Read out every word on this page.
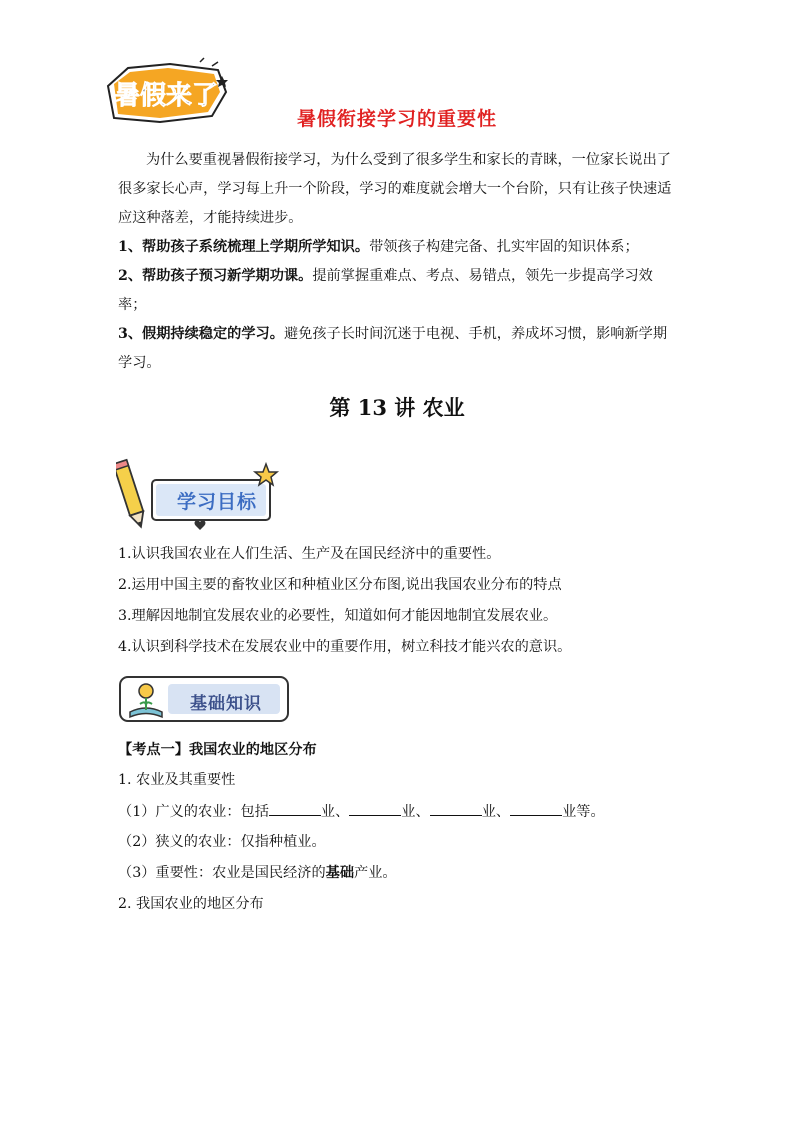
暑假来了
暑假衔接学习的重要性
为什么要重视暑假衔接学习，为什么受到了很多学生和家长的青睐，一位家长说出了很多家长心声，学习每上升一个阶段，学习的难度就会增大一个台阶，只有让孩子快速适应这种落差，才能持续进步。
1、帮助孩子系统梳理上学期所学知识。带领孩子构建完备、扎实牢固的知识体系；
2、帮助孩子预习新学期功课。提前掌握重难点、考点、易错点，领先一步提高学习效率；
3、假期持续稳定的学习。避免孩子长时间沉迷于电视、手机，养成坏习惯，影响新学期学习。
第 13 讲 农业
学习目标
1.认识我国农业在人们生活、生产及在国民经济中的重要性。
2.运用中国主要的畜牧业区和种植业区分布图,说出我国农业分布的特点
3.理解因地制宜发展农业的必要性，知道如何才能因地制宜发展农业。
4.认识到科学技术在发展农业中的重要作用，树立科技才能兴农的意识。
基础知识
【考点一】我国农业的地区分布
1. 农业及其重要性
（1）广义的农业：包括	业、	业、	业、	业等。
（2）狭义的农业：仅指种植业。
（3）重要性：农业是国民经济的基础产业。
2. 我国农业的地区分布
